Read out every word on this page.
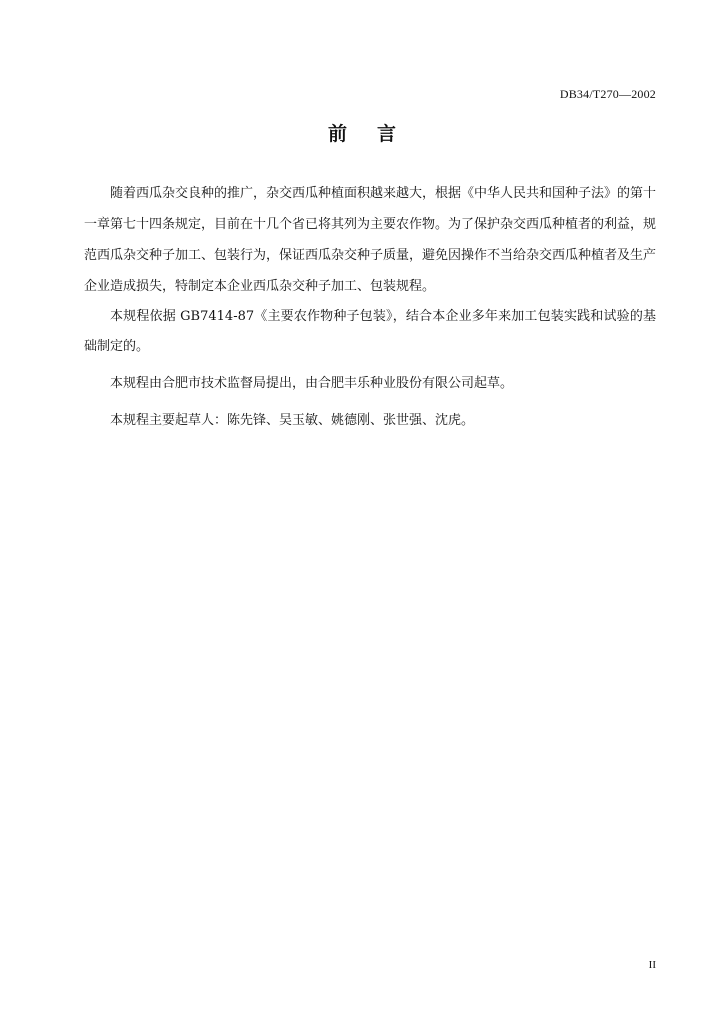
DB34/T270—2002
前言

随着西瓜杂交良种的推广，杂交西瓜种植面积越来越大，根据《中华人民共和国种子法》的第十一章第七十四条规定，目前在十几个省已将其列为主要农作物。为了保护杂交西瓜种植者的利益，规范西瓜杂交种子加工、包装行为，保证西瓜杂交种子质量，避免因操作不当给杂交西瓜种植者及生产企业造成损失，特制定本企业西瓜杂交种子加工、包装规程。

本规程依据 GB7414-87《主要农作物种子包装》，结合本企业多年来加工包装实践和试验的基础制定的。

本规程由合肥市技术监督局提出，由合肥丰乐种业股份有限公司起草。

本规程主要起草人：陈先锋、吴玉敏、姚德刚、张世强、沈虎。

II
